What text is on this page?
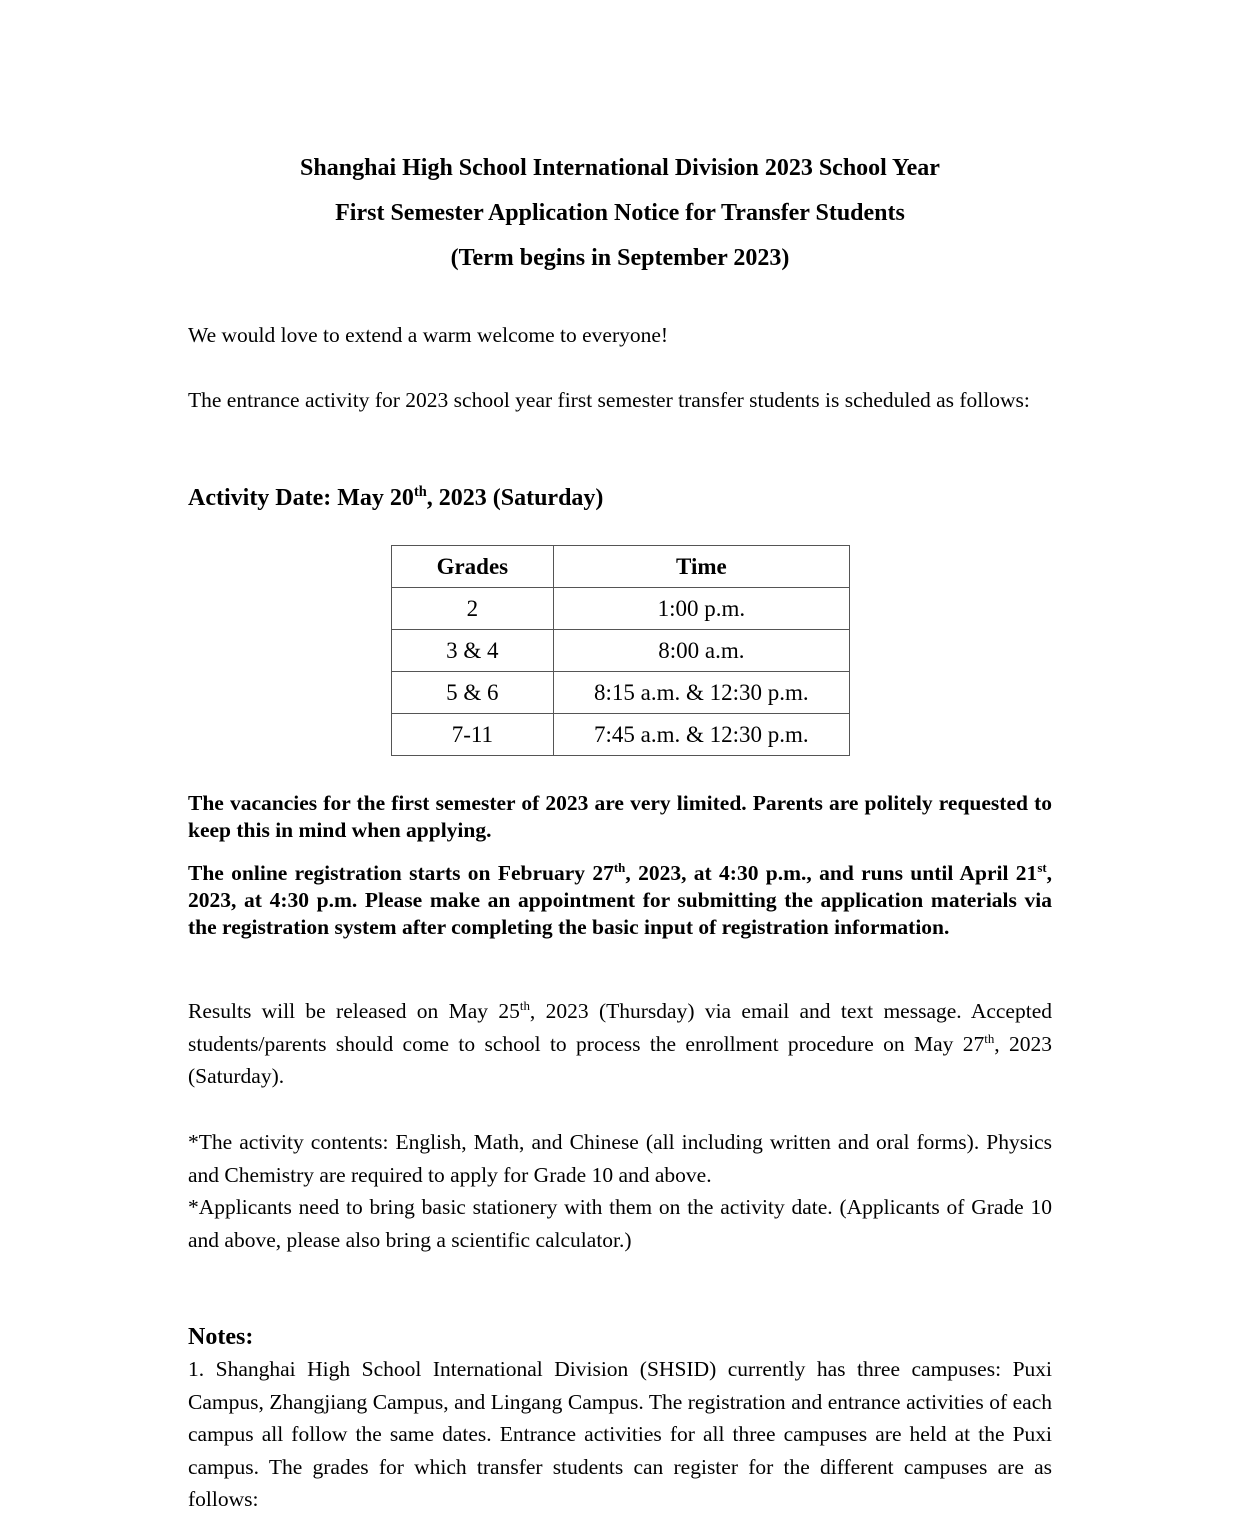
Shanghai High School International Division 2023 School Year
First Semester Application Notice for Transfer Students
(Term begins in September 2023)

We would love to extend a warm welcome to everyone!

The entrance activity for 2023 school year first semester transfer students is scheduled as follows:

Activity Date: May 20th, 2023 (Saturday)

Grades	Time
2	1:00 p.m.
3 & 4	8:00 a.m.
5 & 6	8:15 a.m. & 12:30 p.m.
7-11	7:45 a.m. & 12:30 p.m.

The vacancies for the first semester of 2023 are very limited. Parents are politely requested to keep this in mind when applying.

The online registration starts on February 27th, 2023, at 4:30 p.m., and runs until April 21st, 2023, at 4:30 p.m. Please make an appointment for submitting the application materials via the registration system after completing the basic input of registration information.

Results will be released on May 25th, 2023 (Thursday) via email and text message. Accepted students/parents should come to school to process the enrollment procedure on May 27th, 2023 (Saturday).

*The activity contents: English, Math, and Chinese (all including written and oral forms). Physics and Chemistry are required to apply for Grade 10 and above.

*Applicants need to bring basic stationery with them on the activity date. (Applicants of Grade 10 and above, please also bring a scientific calculator.)

Notes:

1. Shanghai High School International Division (SHSID) currently has three campuses: Puxi Campus, Zhangjiang Campus, and Lingang Campus. The registration and entrance activities of each campus all follow the same dates. Entrance activities for all three campuses are held at the Puxi campus. The grades for which transfer students can register for the different campuses are as follows:
